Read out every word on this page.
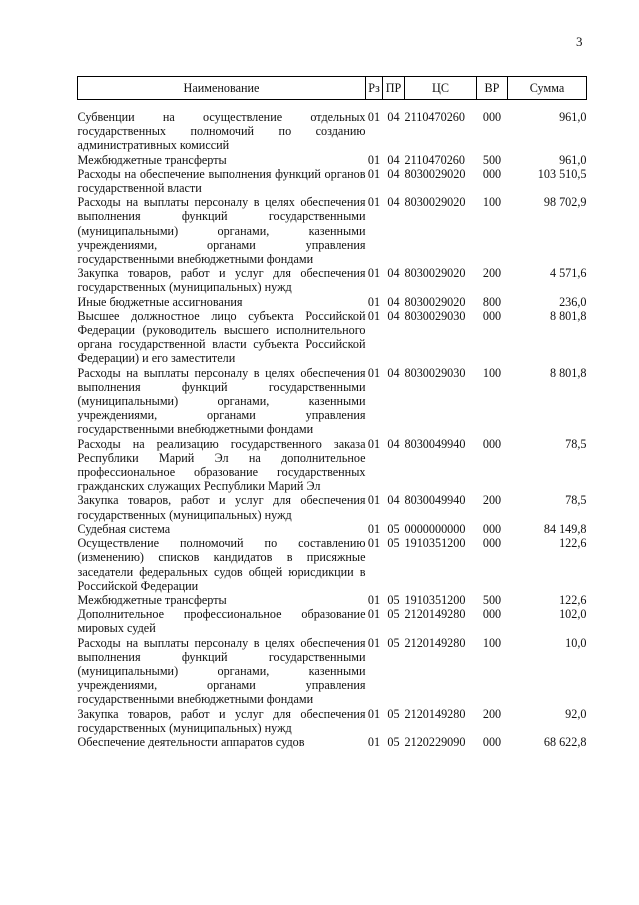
3
Наименование	Рз	ПР	ЦС	ВР	Сумма

Субвенции на осуществление отдельных государственных полномочий по созданию административных комиссий	01	04	2110470260	000	961,0
Межбюджетные трансферты	01	04	2110470260	500	961,0
Расходы на обеспечение выполнения функций органов государственной власти	01	04	8030029020	000	103 510,5
Расходы на выплаты персоналу в целях обеспечения выполнения функций государственными (муниципальными) органами, казенными учреждениями, органами управления государственными внебюджетными фондами	01	04	8030029020	100	98 702,9
Закупка товаров, работ и услуг для обеспечения государственных (муниципальных) нужд	01	04	8030029020	200	4 571,6
Иные бюджетные ассигнования	01	04	8030029020	800	236,0
Высшее должностное лицо субъекта Российской Федерации (руководитель высшего исполнительного органа государственной власти субъекта Российской Федерации) и его заместители	01	04	8030029030	000	8 801,8
Расходы на выплаты персоналу в целях обеспечения выполнения функций государственными (муниципальными) органами, казенными учреждениями, органами управления государственными внебюджетными фондами	01	04	8030029030	100	8 801,8
Расходы на реализацию государственного заказа Республики Марий Эл на дополнительное профессиональное образование государственных гражданских служащих Республики Марий Эл	01	04	8030049940	000	78,5
Закупка товаров, работ и услуг для обеспечения государственных (муниципальных) нужд	01	04	8030049940	200	78,5
Судебная система	01	05	0000000000	000	84 149,8
Осуществление полномочий по составлению (изменению) списков кандидатов в присяжные заседатели федеральных судов общей юрисдикции в Российской Федерации	01	05	1910351200	000	122,6
Межбюджетные трансферты	01	05	1910351200	500	122,6
Дополнительное профессиональное образование мировых судей	01	05	2120149280	000	102,0
Расходы на выплаты персоналу в целях обеспечения выполнения функций государственными (муниципальными) органами, казенными учреждениями, органами управления государственными внебюджетными фондами	01	05	2120149280	100	10,0
Закупка товаров, работ и услуг для обеспечения государственных (муниципальных) нужд	01	05	2120149280	200	92,0
Обеспечение деятельности аппаратов судов	01	05	2120229090	000	68 622,8
